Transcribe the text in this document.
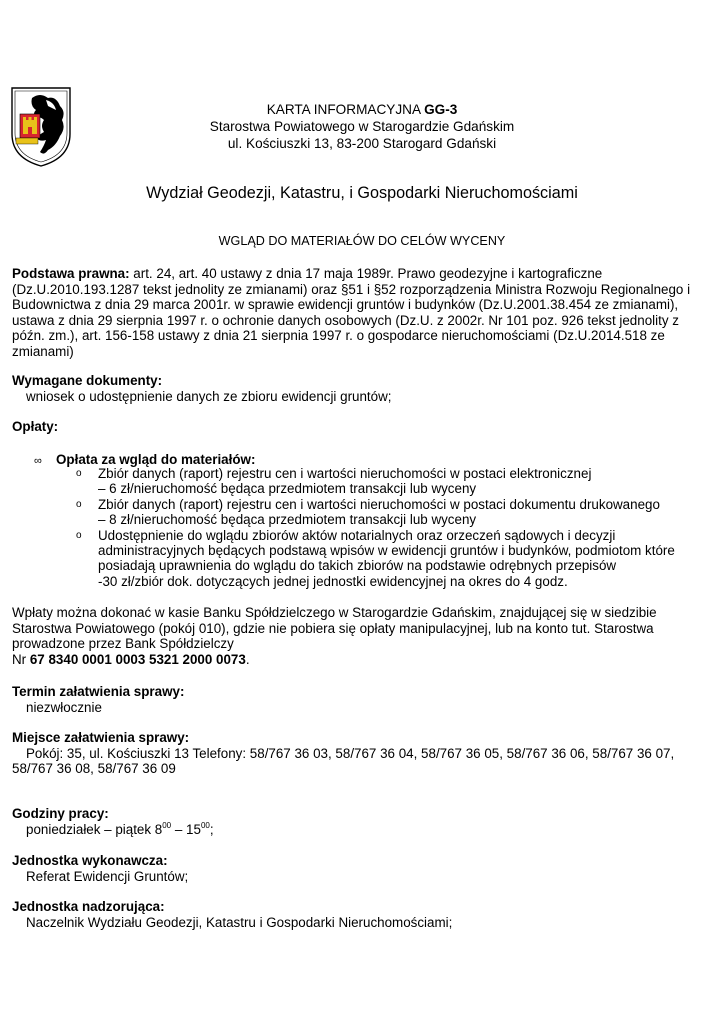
KARTA INFORMACYJNA GG-3
Starostwa Powiatowego w Starogardzie Gdańskim
ul. Kościuszki 13, 83-200 Starogard Gdański
Wydział Geodezji, Katastru, i Gospodarki Nieruchomościami
WGLĄD DO MATERIAŁÓW DO CELÓW WYCENY
Podstawa prawna: art. 24, art. 40 ustawy z dnia 17 maja 1989r. Prawo geodezyjne i kartograficzne (Dz.U.2010.193.1287 tekst jednolity ze zmianami) oraz §51 i §52 rozporządzenia Ministra Rozwoju Regionalnego i Budownictwa z dnia 29 marca 2001r. w sprawie ewidencji gruntów i budynków (Dz.U.2001.38.454 ze zmianami), ustawa z dnia 29 sierpnia 1997 r. o ochronie danych osobowych (Dz.U. z 2002r. Nr 101 poz. 926 tekst jednolity z późn. zm.), art. 156-158 ustawy z dnia 21 sierpnia 1997 r. o gospodarce nieruchomościami (Dz.U.2014.518 ze zmianami)
Wymagane dokumenty:
wniosek o udostępnienie danych ze zbioru ewidencji gruntów;
Opłaty:
∞ Opłata za wgląd do materiałów:
o Zbiór danych (raport) rejestru cen i wartości nieruchomości w postaci elektronicznej
– 6 zł/nieruchomość będąca przedmiotem transakcji lub wyceny
o Zbiór danych (raport) rejestru cen i wartości nieruchomości w postaci dokumentu drukowanego
– 8 zł/nieruchomość będąca przedmiotem transakcji lub wyceny
o Udostępnienie do wglądu zbiorów aktów notarialnych oraz orzeczeń sądowych i decyzji administracyjnych będących podstawą wpisów w ewidencji gruntów i budynków, podmiotom które posiadają uprawnienia do wglądu do takich zbiorów na podstawie odrębnych przepisów
-30 zł/zbiór dok. dotyczących jednej jednostki ewidencyjnej na okres do 4 godz.
Wpłaty można dokonać w kasie Banku Spółdzielczego w Starogardzie Gdańskim, znajdującej się w siedzibie Starostwa Powiatowego (pokój 010), gdzie nie pobiera się opłaty manipulacyjnej, lub na konto tut. Starostwa prowadzone przez Bank Spółdzielczy
Nr 67 8340 0001 0003 5321 2000 0073.
Termin załatwienia sprawy:
niezwłocznie
Miejsce załatwienia sprawy:
Pokój: 35, ul. Kościuszki 13 Telefony: 58/767 36 03, 58/767 36 04, 58/767 36 05, 58/767 36 06, 58/767 36 07, 58/767 36 08, 58/767 36 09
Godziny pracy:
poniedziałek – piątek $8^{00} - 15^{00}$;
Jednostka wykonawcza:
Referat Ewidencji Gruntów;
Jednostka nadzorująca:
Naczelnik Wydziału Geodezji, Katastru i Gospodarki Nieruchomościami;
